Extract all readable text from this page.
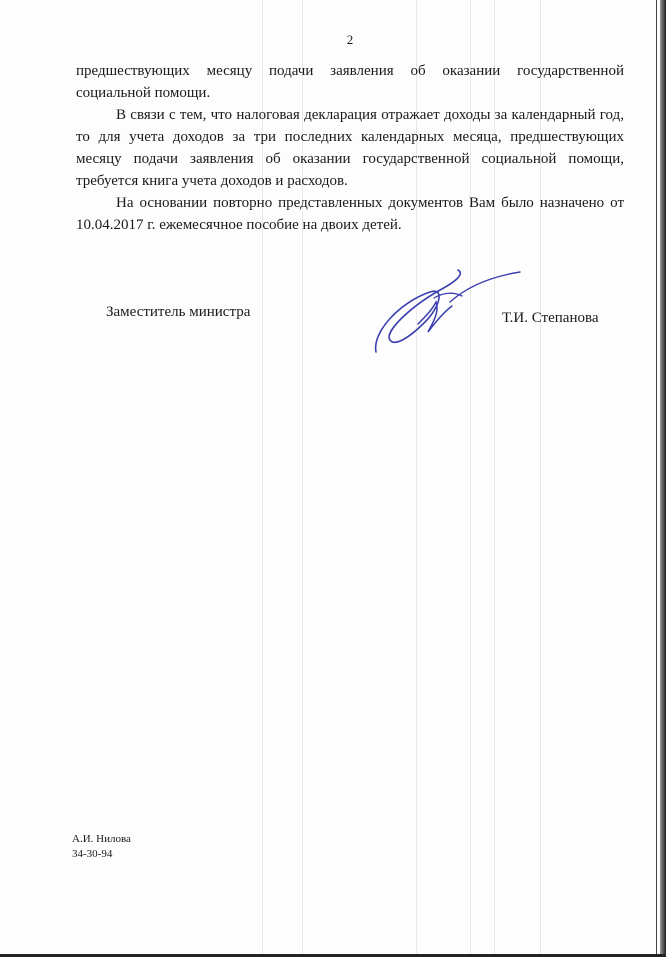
2

предшествующих месяцу подачи заявления об оказании государственной социальной помощи.

В связи с тем, что налоговая декларация отражает доходы за календарный год, то для учета доходов за три последних календарных месяца, предшествующих месяцу подачи заявления об оказании государственной социальной помощи, требуется книга учета доходов и расходов.

На основании повторно представленных документов Вам было назначено от 10.04.2017 г. ежемесячное пособие на двоих детей.

Заместитель министра	Т.И. Степанова
А.И. Нилова
34-30-94
